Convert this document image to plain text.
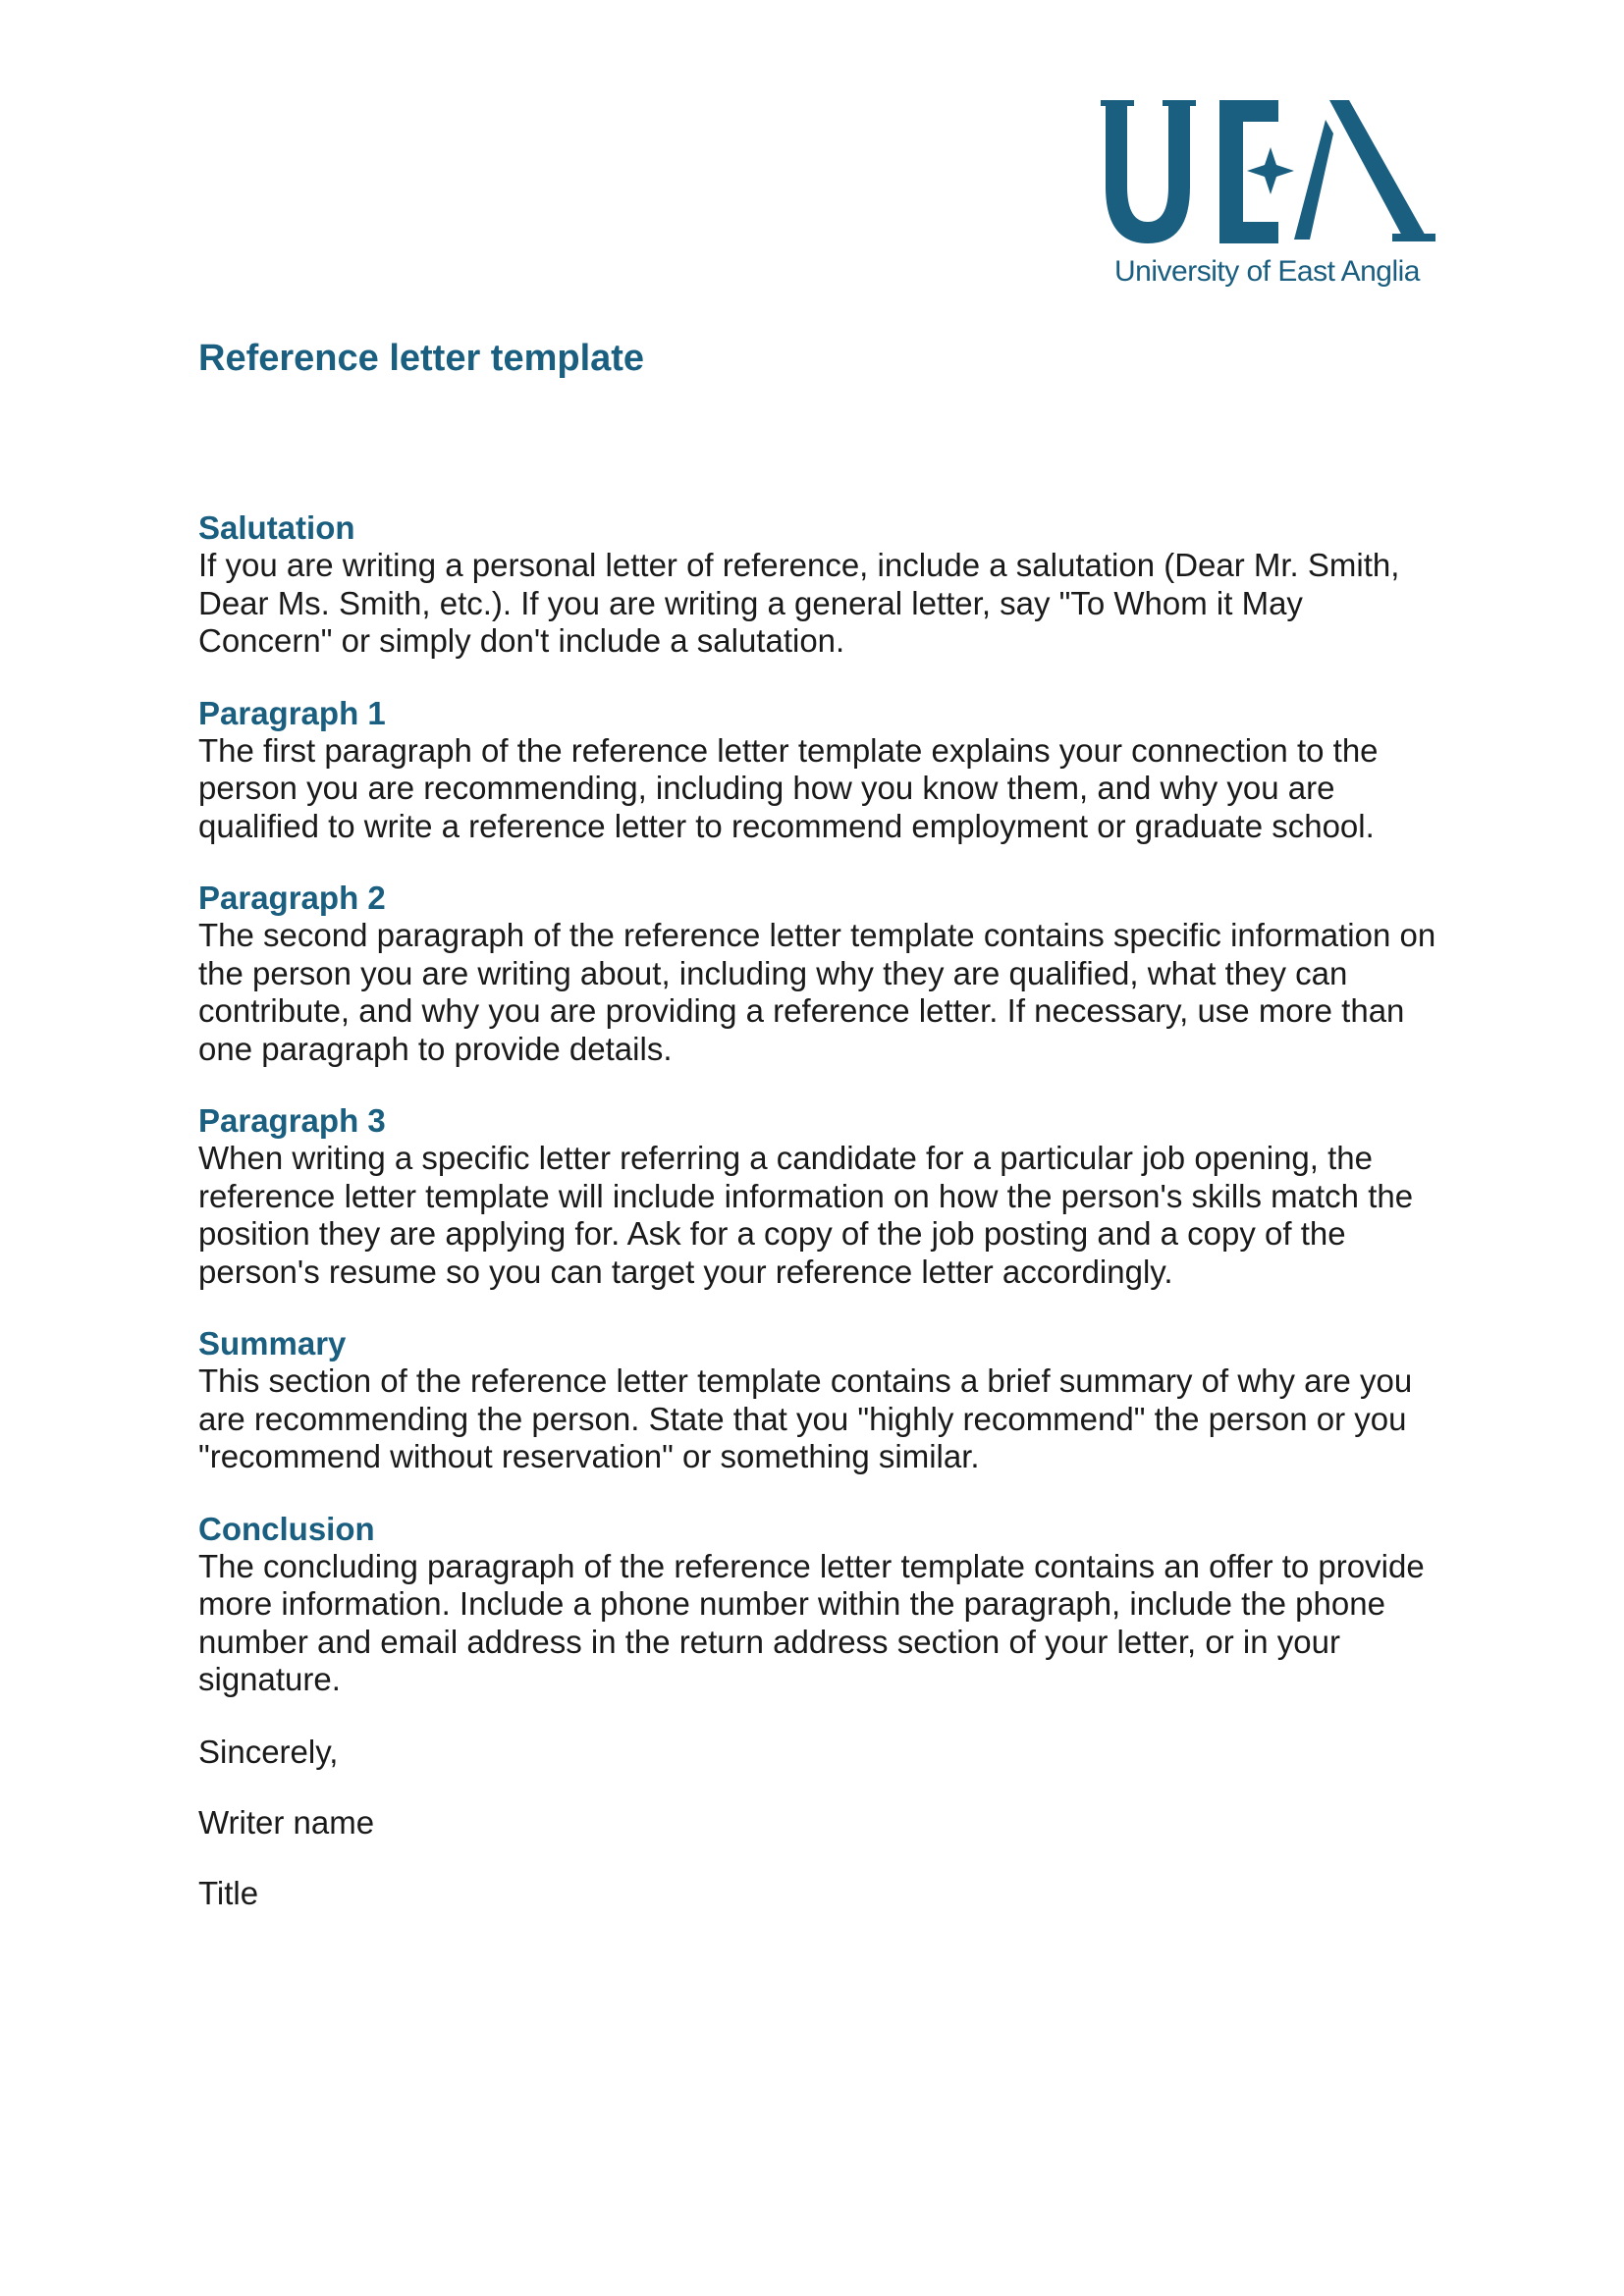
University of East Anglia
Reference letter template
Salutation

If you are writing a personal letter of reference, include a salutation (Dear Mr. Smith, Dear Ms. Smith, etc.). If you are writing a general letter, say "To Whom it May Concern" or simply don't include a salutation.

Paragraph 1

The first paragraph of the reference letter template explains your connection to the person you are recommending, including how you know them, and why you are qualified to write a reference letter to recommend employment or graduate school.

Paragraph 2

The second paragraph of the reference letter template contains specific information on the person you are writing about, including why they are qualified, what they can contribute, and why you are providing a reference letter. If necessary, use more than one paragraph to provide details.

Paragraph 3

When writing a specific letter referring a candidate for a particular job opening, the reference letter template will include information on how the person's skills match the position they are applying for. Ask for a copy of the job posting and a copy of the person's resume so you can target your reference letter accordingly.

Summary

This section of the reference letter template contains a brief summary of why are you are recommending the person. State that you "highly recommend" the person or you "recommend without reservation" or something similar.

Conclusion

The concluding paragraph of the reference letter template contains an offer to provide more information. Include a phone number within the paragraph, include the phone number and email address in the return address section of your letter, or in your signature.

Sincerely,

Writer name

Title
